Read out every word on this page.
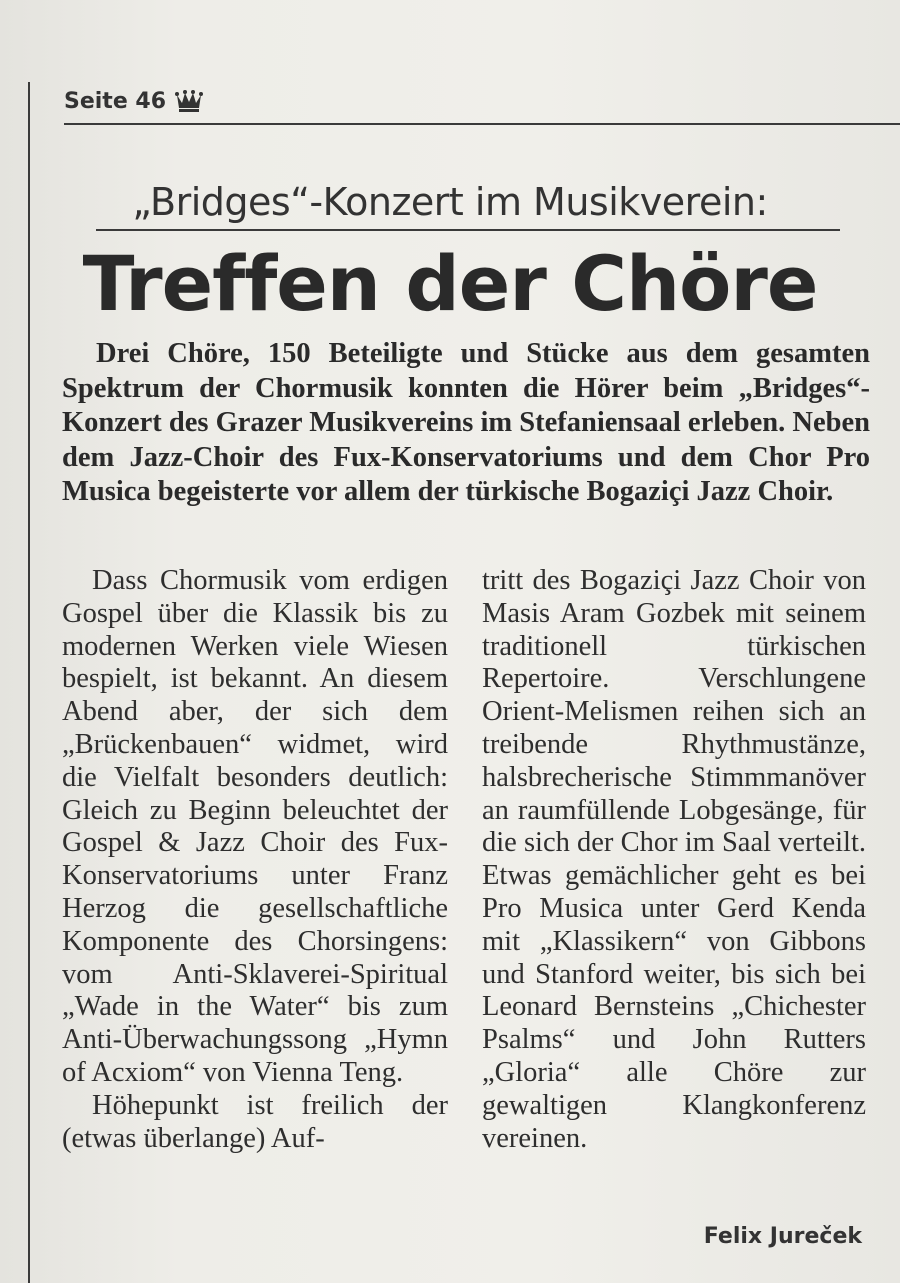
Seite 46
„Bridges“-Konzert im Musikverein:
Treffen der Chöre

Drei Chöre, 150 Beteiligte und Stücke aus dem gesamten Spektrum der Chormusik konnten die Hörer beim „Bridges“-Konzert des Grazer Musikvereins im Stefaniensaal erleben. Neben dem Jazz-Choir des Fux-Konservatoriums und dem Chor Pro Musica begeisterte vor allem der türkische Bogaziçi Jazz Choir.

Dass Chormusik vom erdigen Gospel über die Klassik bis zu modernen Werken viele Wiesen bespielt, ist bekannt. An diesem Abend aber, der sich dem „Brückenbauen“ widmet, wird die Vielfalt besonders deutlich: Gleich zu Beginn beleuchtet der Gospel & Jazz Choir des Fux-Konservatoriums unter Franz Herzog die gesellschaftliche Komponente des Chorsingens: vom Anti-Sklaverei-Spiritual „Wade in the Water“ bis zum Anti-Überwachungssong „Hymn of Acxiom“ von Vienna Teng.

Höhepunkt ist freilich der (etwas überlange) Auf-

tritt des Bogaziçi Jazz Choir von Masis Aram Gozbek mit seinem traditionell türkischen Repertoire. Verschlungene Orient-Melismen reihen sich an treibende Rhythmustänze, halsbrecherische Stimmmanöver an raumfüllende Lobgesänge, für die sich der Chor im Saal verteilt. Etwas gemächlicher geht es bei Pro Musica unter Gerd Kenda mit „Klassikern“ von Gibbons und Stanford weiter, bis sich bei Leonard Bernsteins „Chichester Psalms“ und John Rutters „Gloria“ alle Chöre zur gewaltigen Klangkonferenz vereinen.

Felix Jureček
